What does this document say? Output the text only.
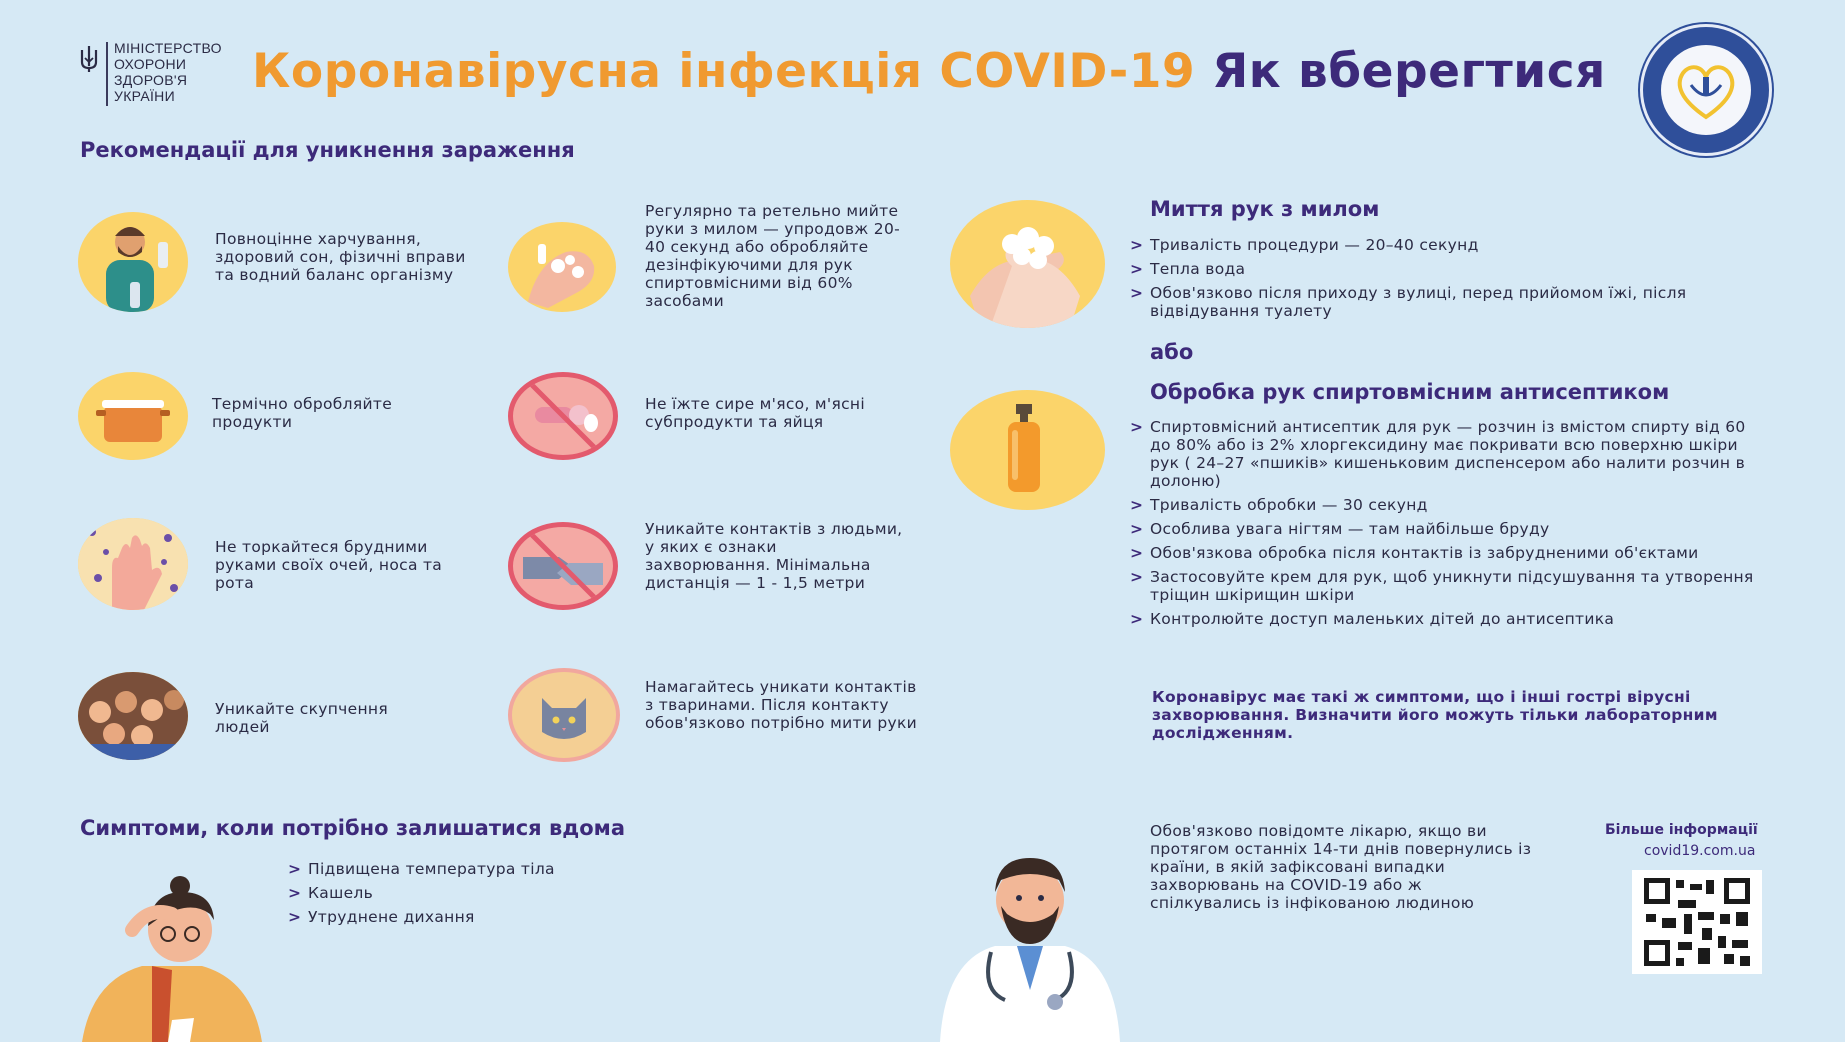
МІНІСТЕРСТВО
ОХОРОНИ
ЗДОРОВ'Я
УКРАЇНИ	Коронавірусна інфекція COVID-19 Як вберегтися
Рекомендації для уникнення зараження
Повноцінне харчування, здоровий сон, фізичні вправи та водний баланс організму
Регулярно та ретельно мийте руки з милом — упродовж 20-40 секунд або обробляйте дезінфікуючими для рук спиртовмісними від 60% засобами
Термічно обробляйте продукти
Не їжте сире м'ясо, м'ясні субпродукти та яйця
Не торкайтеся брудними руками своїх очей, носа та рота
Уникайте контактів з людьми, у яких є ознаки захворювання. Мінімальна дистанція — 1 - 1,5 метри
Уникайте скупчення людей
Намагайтесь уникати контактів з тваринами. Після контакту обов'язково потрібно мити руки
Миття рук з милом
> Тривалість процедури — 20–40 секунд
> Тепла вода
> Обов'язково після приходу з вулиці, перед прийомом їжі, після відвідування туалету
або
Обробка рук спиртовмісним антисептиком
> Спиртовмісний антисептик для рук — розчин із вмістом спирту від 60 до 80% або із 2% хлоргексидину має покривати всю поверхню шкіри рук ( 24–27 «пшиків» кишеньковим диспенсером або налити розчин в долоню)
> Тривалість обробки — 30 секунд
> Особлива увага нігтям — там найбільше бруду
> Обов'язкова обробка після контактів із забрудненими об'єктами
> Застосовуйте крем для рук, щоб уникнути підсушування та утворення тріщин шкірищин шкіри
> Контролюйте доступ маленьких дітей до антисептика
Коронавірус має такі ж симптоми, що і інші гострі вірусні захворювання. Визначити його можуть тільки лабораторним дослідженням.
Симптоми, коли потрібно залишатися вдома
> Підвищена температура тіла
> Кашель
> Утруднене дихання
Обов'язково повідомте лікарю, якщо ви протягом останніх 14-ти днів повернулись із країни, в якій зафіксовані випадки захворювань на COVID-19 або ж спілкувались із інфікованою людиною
Більше інформації
covid19.com.ua
